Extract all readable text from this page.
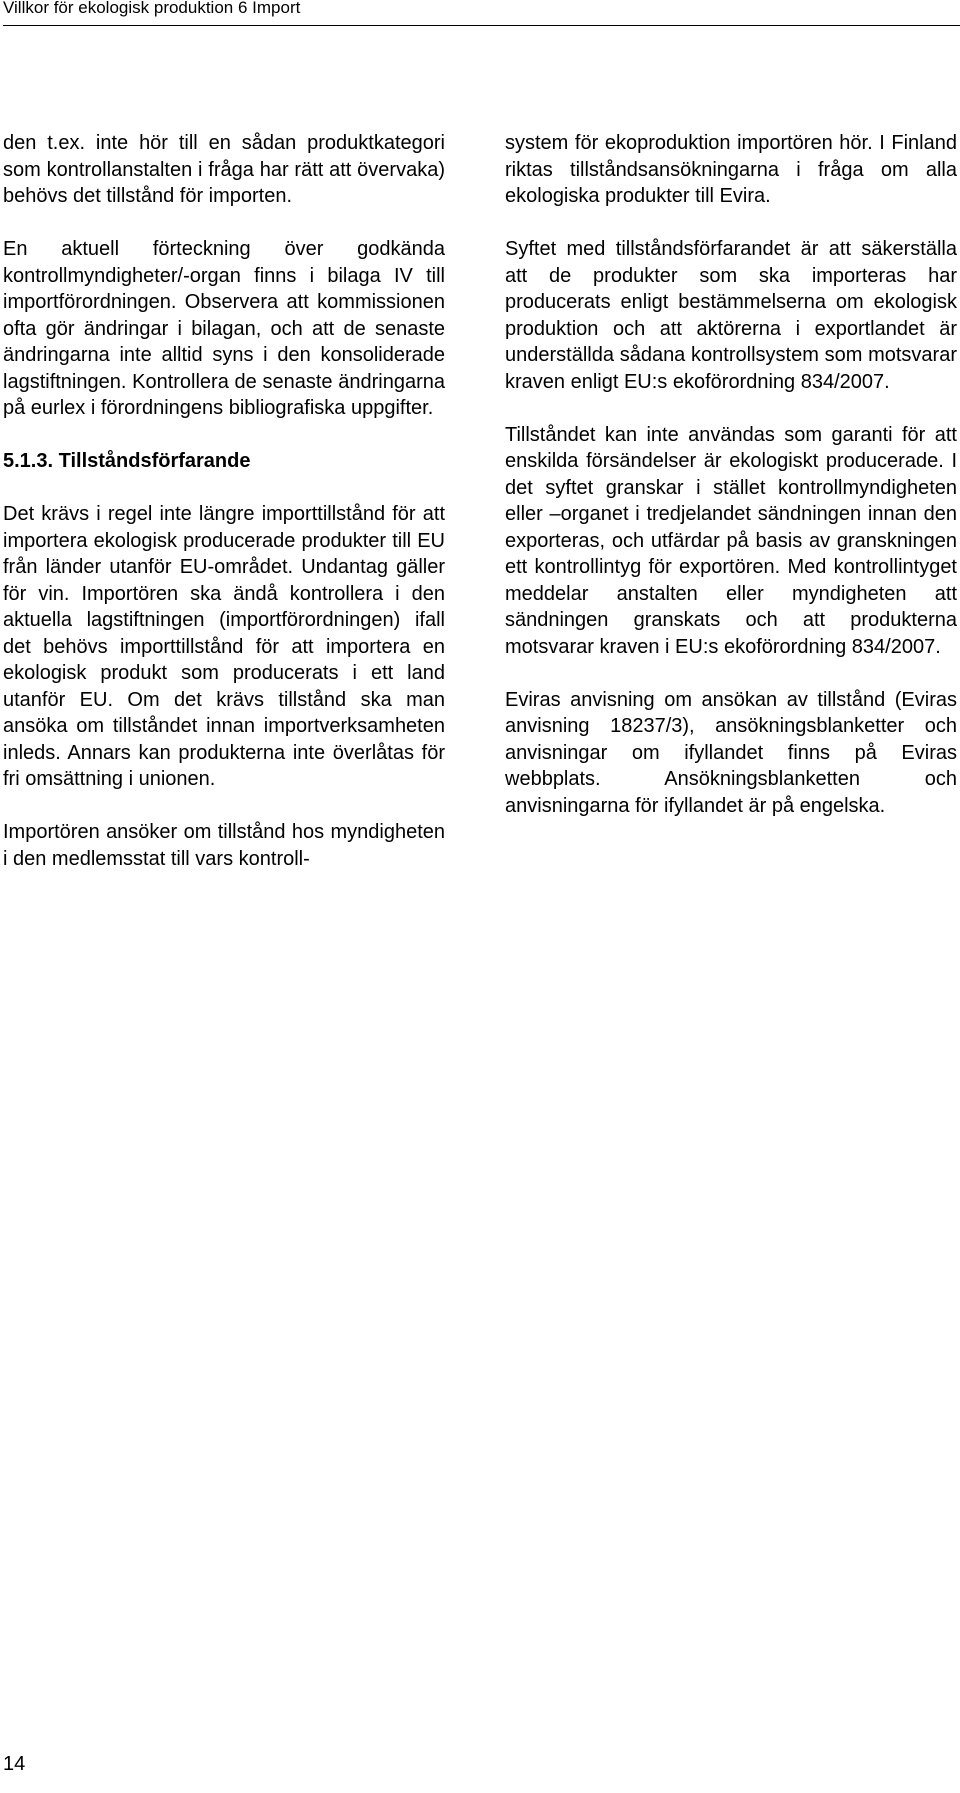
Villkor för ekologisk produktion 6 Import

den t.ex. inte hör till en sådan produktkategori som kontrollanstalten i fråga har rätt att övervaka) behövs det tillstånd för importen.

En aktuell förteckning över godkända kontrollmyndigheter/-organ finns i bilaga IV till importförordningen. Observera att kommissionen ofta gör ändringar i bilagan, och att de senaste ändringarna inte alltid syns i den konsoliderade lagstiftningen. Kontrollera de senaste ändringarna på eurlex i förordningens bibliografiska uppgifter.

5.1.3. Tillståndsförfarande

Det krävs i regel inte längre importtillstånd för att importera ekologisk producerade produkter till EU från länder utanför EU-området. Undantag gäller för vin. Importören ska ändå kontrollera i den aktuella lagstiftningen (importförordningen) ifall det behövs importtillstånd för att importera en ekologisk produkt som producerats i ett land utanför EU. Om det krävs tillstånd ska man ansöka om tillståndet innan importverksamheten inleds. Annars kan produkterna inte överlåtas för fri omsättning i unionen.

Importören ansöker om tillstånd hos myndigheten i den medlemsstat till vars kontroll-

system för ekoproduktion importören hör. I Finland riktas tillståndsansökningarna i fråga om alla ekologiska produkter till Evira.

Syftet med tillståndsförfarandet är att säkerställa att de produkter som ska importeras har producerats enligt bestämmelserna om ekologisk produktion och att aktörerna i exportlandet är underställda sådana kontrollsystem som motsvarar kraven enligt EU:s ekoförordning 834/2007.

Tillståndet kan inte användas som garanti för att enskilda försändelser är ekologiskt producerade. I det syftet granskar i stället kontrollmyndigheten eller –organet i tredjelandet sändningen innan den exporteras, och utfärdar på basis av granskningen ett kontrollintyg för exportören. Med kontrollintyget meddelar anstalten eller myndigheten att sändningen granskats och att produkterna motsvarar kraven i EU:s ekoförordning 834/2007.

Eviras anvisning om ansökan av tillstånd (Eviras anvisning 18237/3), ansökningsblanketter och anvisningar om ifyllandet finns på Eviras webbplats. Ansökningsblanketten och anvisningarna för ifyllandet är på engelska.

14
